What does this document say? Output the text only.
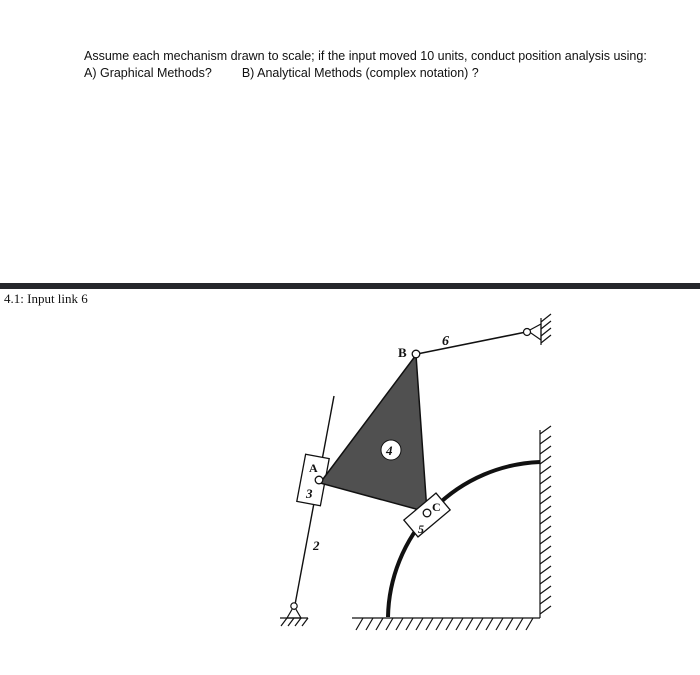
Assume each mechanism drawn to scale; if the input moved 10 units, conduct position analysis using:
A) Graphical Methods? B) Analytical Methods (complex notation) ?
4.1: Input link 6
6
B
4
A
3
C
5
2
